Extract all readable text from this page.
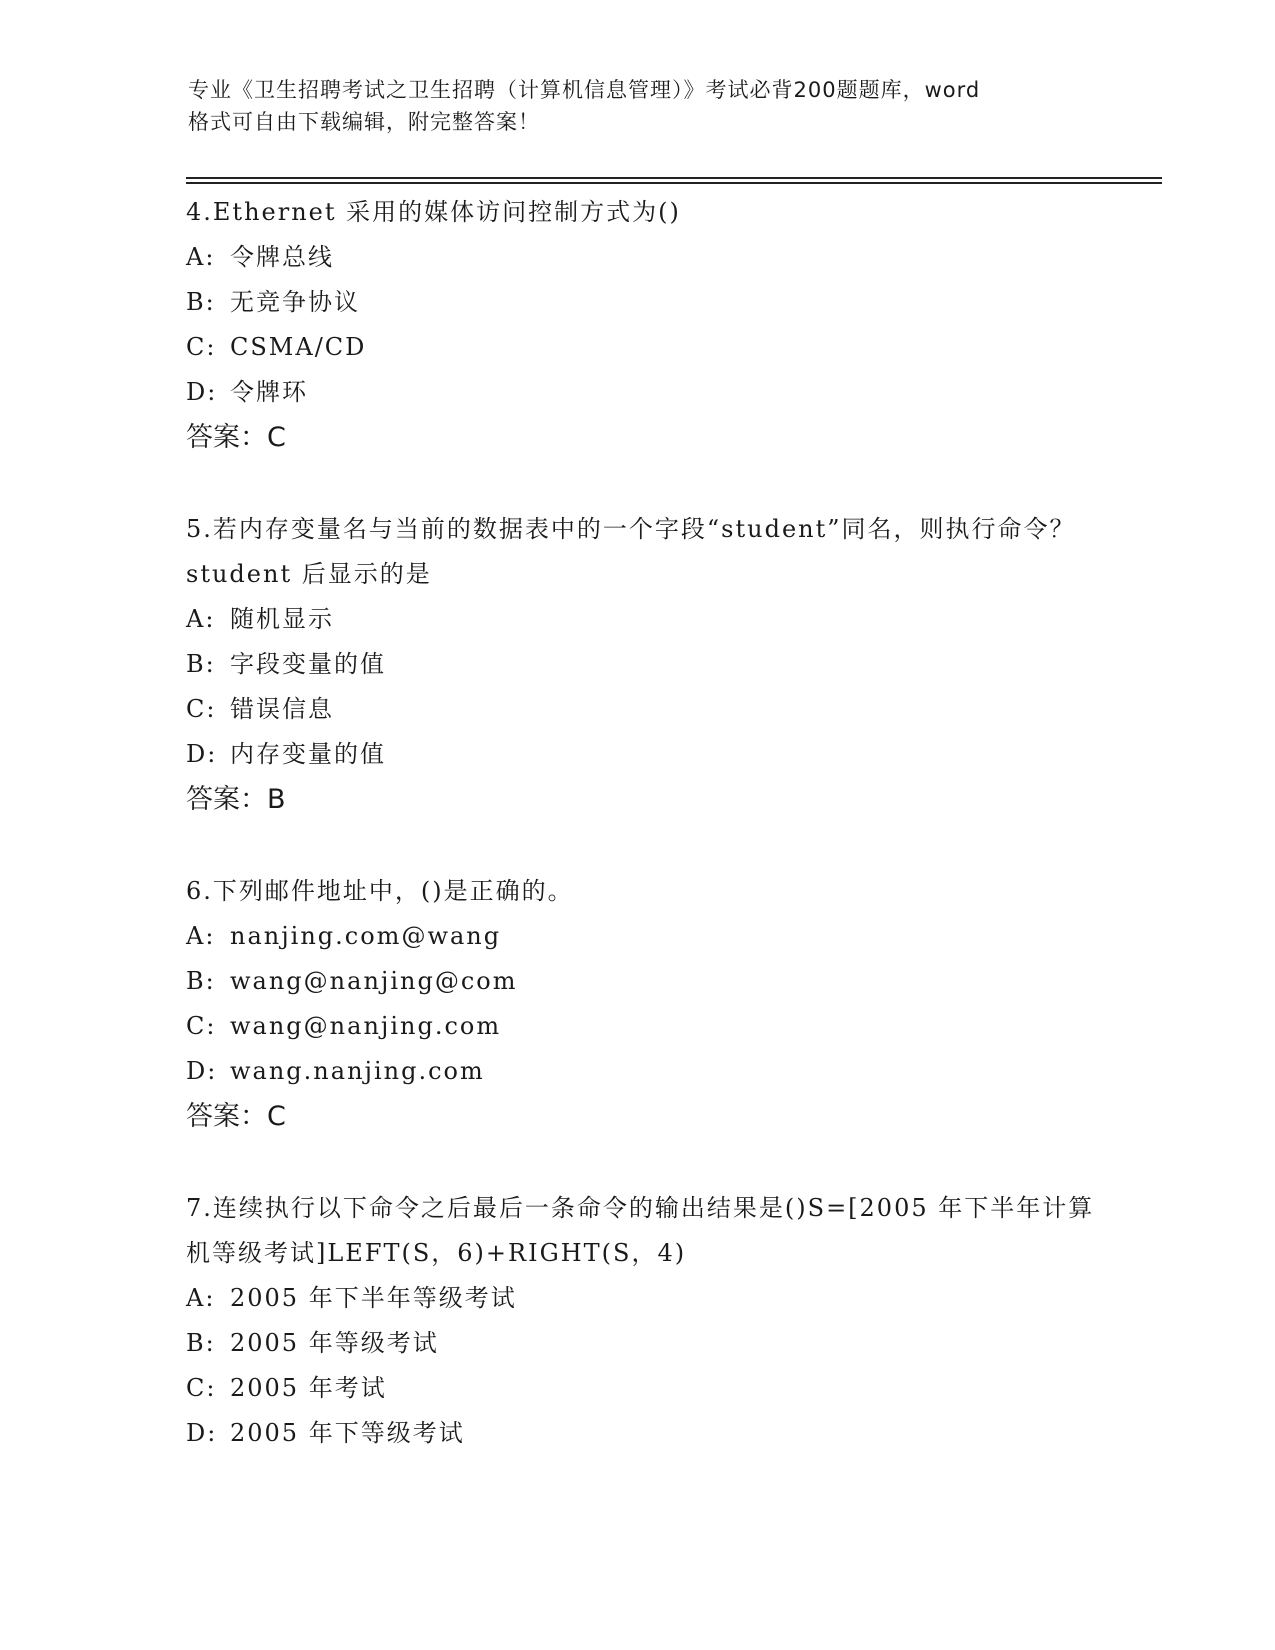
专业《卫生招聘考试之卫生招聘（计算机信息管理）》考试必背200题题库，word
格式可自由下载编辑，附完整答案！

4.Ethernet 采用的媒体访问控制方式为()

A: 令牌总线

B: 无竞争协议

C: CSMA/CD

D: 令牌环

答案：C

5.若内存变量名与当前的数据表中的一个字段“student”同名，则执行命令？student 后显示的是

A: 随机显示

B: 字段变量的值

C: 错误信息

D: 内存变量的值

答案：B

6.下列邮件地址中，()是正确的。

A: nanjing.com@wang

B: wang@nanjing@com

C: wang@nanjing.com

D: wang.nanjing.com

答案：C

7.连续执行以下命令之后最后一条命令的输出结果是()S=[2005 年下半年计算机等级考试]LEFT(S，6)+RIGHT(S，4)

A: 2005 年下半年等级考试

B: 2005 年等级考试

C: 2005 年考试

D: 2005 年下等级考试
